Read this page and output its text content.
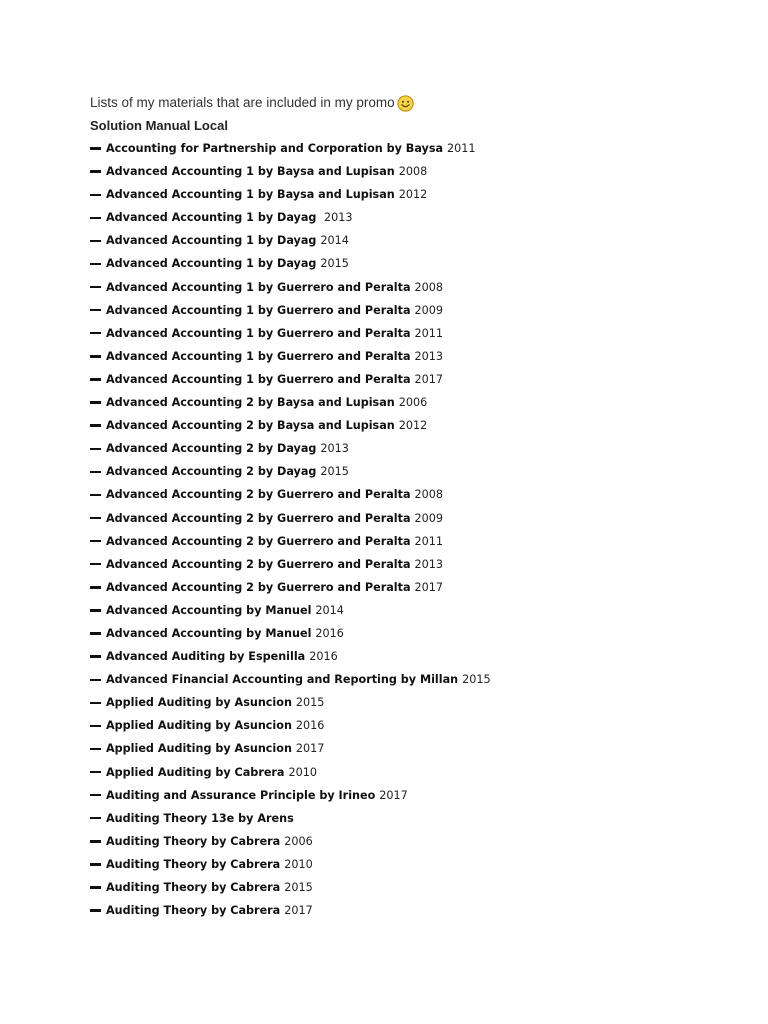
Lists of my materials that are included in my promo
Solution Manual Local
Accounting for Partnership and Corporation by Baysa 2011
Advanced Accounting 1 by Baysa and Lupisan 2008
Advanced Accounting 1 by Baysa and Lupisan 2012
Advanced Accounting 1 by Dayag 2013
Advanced Accounting 1 by Dayag 2014
Advanced Accounting 1 by Dayag 2015
Advanced Accounting 1 by Guerrero and Peralta 2008
Advanced Accounting 1 by Guerrero and Peralta 2009
Advanced Accounting 1 by Guerrero and Peralta 2011
Advanced Accounting 1 by Guerrero and Peralta 2013
Advanced Accounting 1 by Guerrero and Peralta 2017
Advanced Accounting 2 by Baysa and Lupisan 2006
Advanced Accounting 2 by Baysa and Lupisan 2012
Advanced Accounting 2 by Dayag 2013
Advanced Accounting 2 by Dayag 2015
Advanced Accounting 2 by Guerrero and Peralta 2008
Advanced Accounting 2 by Guerrero and Peralta 2009
Advanced Accounting 2 by Guerrero and Peralta 2011
Advanced Accounting 2 by Guerrero and Peralta 2013
Advanced Accounting 2 by Guerrero and Peralta 2017
Advanced Accounting by Manuel 2014
Advanced Accounting by Manuel 2016
Advanced Auditing by Espenilla 2016
Advanced Financial Accounting and Reporting by Millan 2015
Applied Auditing by Asuncion 2015
Applied Auditing by Asuncion 2016
Applied Auditing by Asuncion 2017
Applied Auditing by Cabrera 2010
Auditing and Assurance Principle by Irineo 2017
Auditing Theory 13e by Arens
Auditing Theory by Cabrera 2006
Auditing Theory by Cabrera 2010
Auditing Theory by Cabrera 2015
Auditing Theory by Cabrera 2017
